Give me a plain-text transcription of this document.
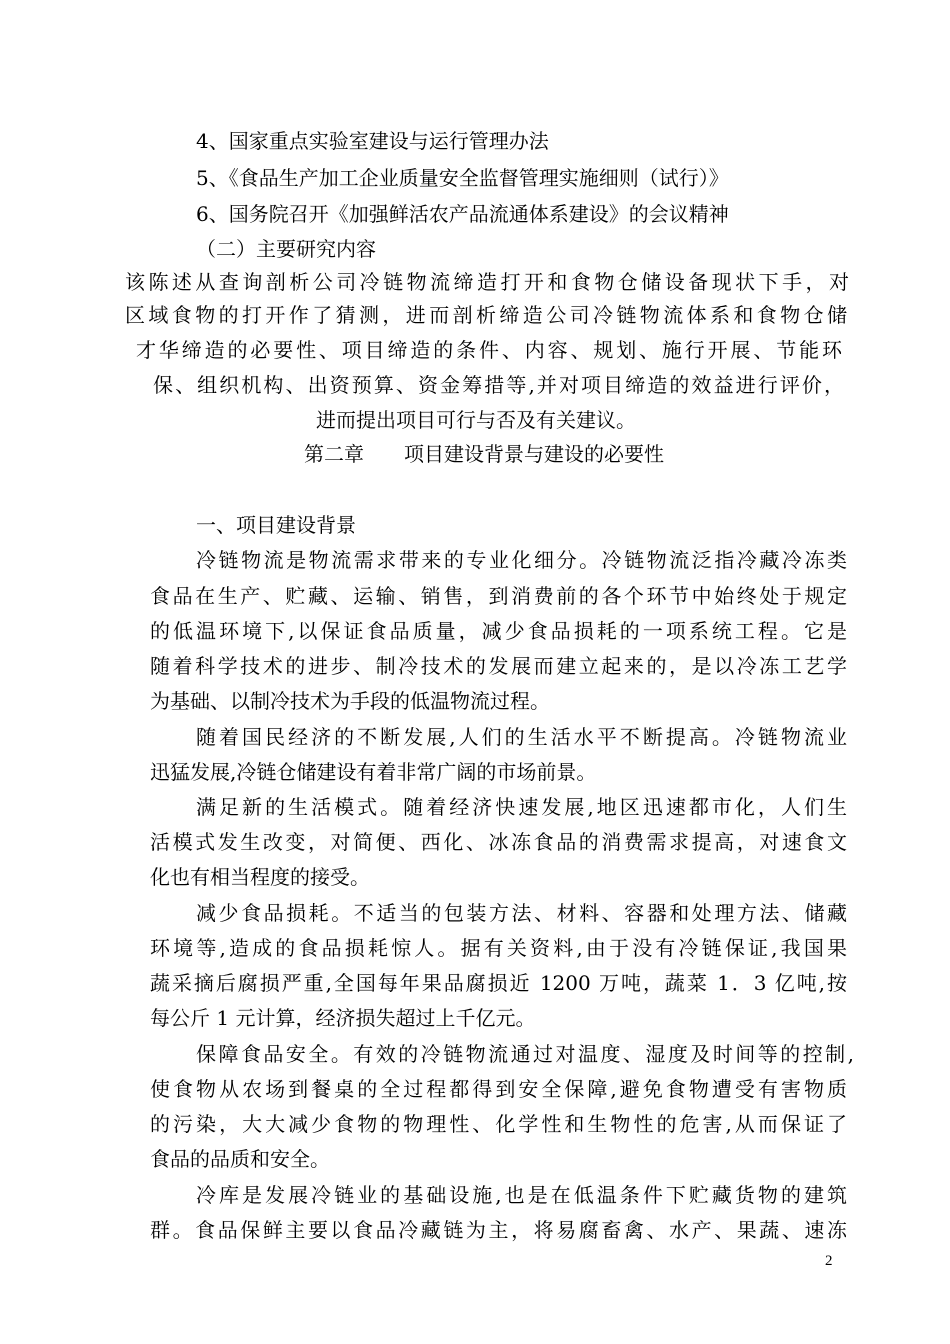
4、国家重点实验室建设与运行管理办法
5、《食品生产加工企业质量安全监督管理实施细则（试行）》
6、国务院召开《加强鲜活农产品流通体系建设》的会议精神
（二）主要研究内容
该陈述从查询剖析公司冷链物流缔造打开和食物仓储设备现状下手，对
区域食物的打开作了猜测，进而剖析缔造公司冷链物流体系和食物仓储
才华缔造的必要性、项目缔造的条件、内容、规划、施行开展、节能环
保、组织机构、出资预算、资金筹措等,并对项目缔造的效益进行评价，
进而提出项目可行与否及有关建议。
第二章　　项目建设背景与建设的必要性
一、项目建设背景
冷链物流是物流需求带来的专业化细分。冷链物流泛指冷藏冷冻类
食品在生产、贮藏、运输、销售，到消费前的各个环节中始终处于规定
的低温环境下,以保证食品质量，减少食品损耗的一项系统工程。它是
随着科学技术的进步、制冷技术的发展而建立起来的，是以冷冻工艺学
为基础、以制冷技术为手段的低温物流过程。
随着国民经济的不断发展,人们的生活水平不断提高。冷链物流业
迅猛发展,冷链仓储建设有着非常广阔的市场前景。
满足新的生活模式。随着经济快速发展,地区迅速都市化，人们生
活模式发生改变，对简便、西化、冰冻食品的消费需求提高，对速食文
化也有相当程度的接受。
减少食品损耗。不适当的包装方法、材料、容器和处理方法、储藏
环境等,造成的食品损耗惊人。据有关资料,由于没有冷链保证,我国果
蔬采摘后腐损严重,全国每年果品腐损近 1200 万吨，蔬菜 1．3 亿吨,按
每公斤 1 元计算，经济损失超过上千亿元。
保障食品安全。有效的冷链物流通过对温度、湿度及时间等的控制,
使食物从农场到餐桌的全过程都得到安全保障,避免食物遭受有害物质
的污染，大大减少食物的物理性、化学性和生物性的危害,从而保证了
食品的品质和安全。
冷库是发展冷链业的基础设施,也是在低温条件下贮藏货物的建筑
群。食品保鲜主要以食品冷藏链为主，将易腐畜禽、水产、果蔬、速冻
2
